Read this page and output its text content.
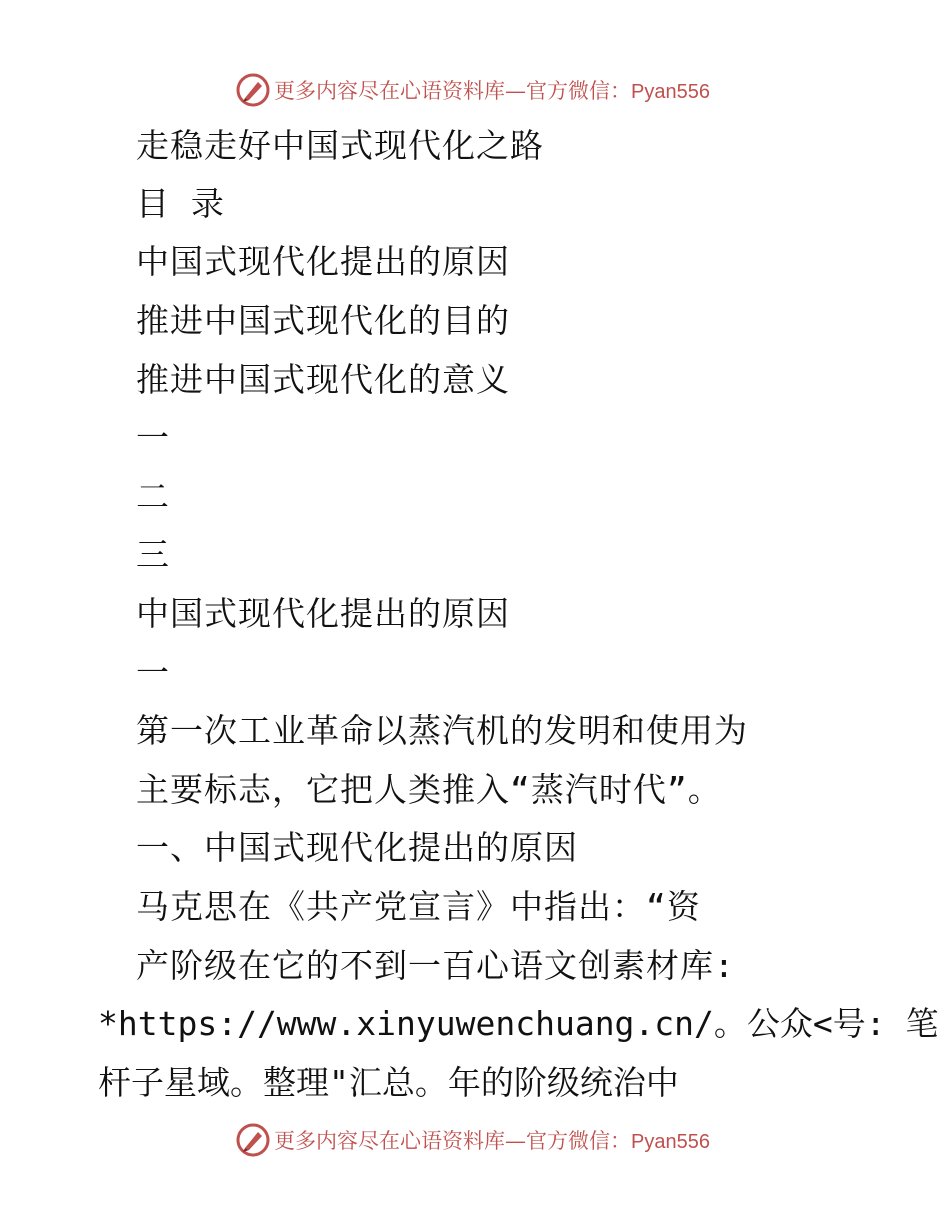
更多内容尽在心语资料库—官方微信：Pyan556
走稳走好中国式现代化之路
目 录
中国式现代化提出的原因
推进中国式现代化的目的
推进中国式现代化的意义
一
二
三
中国式现代化提出的原因
一
第一次工业革命以蒸汽机的发明和使用为
主要标志，它把人类推入“蒸汽时代”。
一、中国式现代化提出的原因
马克思在《共产党宣言》中指出：“资
产阶级在它的不到一百心语文创素材库:
*https://www.xinyuwenchuang.cn/。公众<号: 笔
杆子星域。整理"汇总。年的阶级统治中
更多内容尽在心语资料库—官方微信：Pyan556
